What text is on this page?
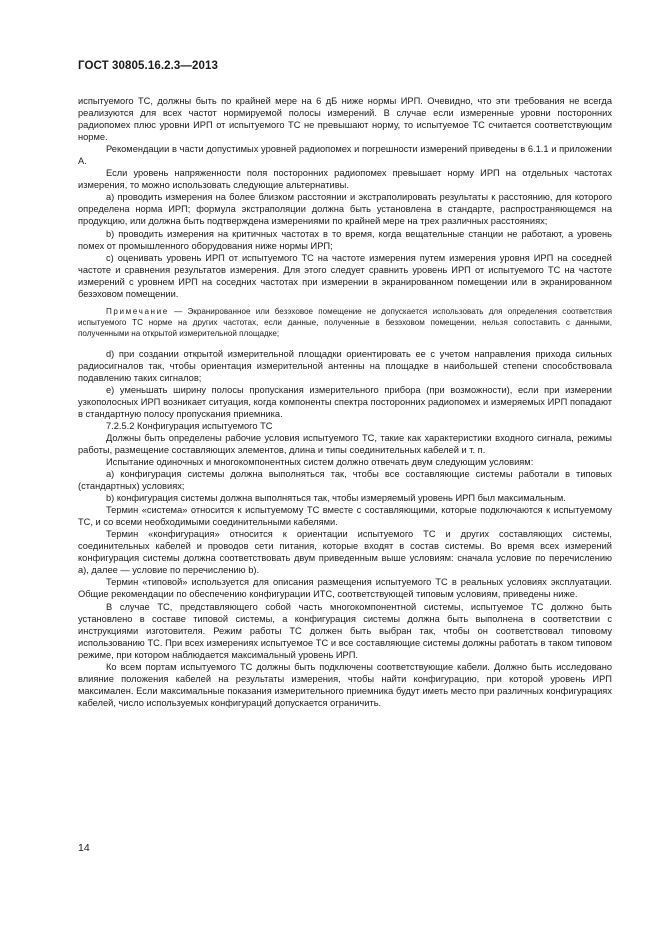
ГОСТ 30805.16.2.3—2013

испытуемого ТС, должны быть по крайней мере на 6 дБ ниже нормы ИРП. Очевидно, что эти требования не всегда реализуются для всех частот нормируемой полосы измерений. В случае если измеренные уровни посторонних радиопомех плюс уровни ИРП от испытуемого ТС не превышают норму, то испытуемое ТС считается соответствующим норме.

Рекомендации в части допустимых уровней радиопомех и погрешности измерений приведены в 6.1.1 и приложении А.

Если уровень напряженности поля посторонних радиопомех превышает норму ИРП на отдельных частотах измерения, то можно использовать следующие альтернативы.

a) проводить измерения на более близком расстоянии и экстраполировать результаты к расстоянию, для которого определена норма ИРП; формула экстраполяции должна быть установлена в стандарте, распространяющемся на продукцию, или должна быть подтверждена измерениями по крайней мере на трех различных расстояниях;

b) проводить измерения на критичных частотах в то время, когда вещательные станции не работают, а уровень помех от промышленного оборудования ниже нормы ИРП;

c) оценивать уровень ИРП от испытуемого ТС на частоте измерения путем измерения уровня ИРП на соседней частоте и сравнения результатов измерения. Для этого следует сравнить уровень ИРП от испытуемого ТС на частоте измерений с уровнем ИРП на соседних частотах при измерении в экранированном помещении или в экранированном безэховом помещении.

Примечание — Экранированное или безэховое помещение не допускается использовать для определения соответствия испытуемого ТС норме на других частотах, если данные, полученные в безэховом помещении, нельзя сопоставить с данными, полученными на открытой измерительной площадке;

d) при создании открытой измерительной площадки ориентировать ее с учетом направления прихода сильных радиосигналов так, чтобы ориентация измерительной антенны на площадке в наибольшей степени способствовала подавлению таких сигналов;

e) уменьшать ширину полосы пропускания измерительного прибора (при возможности), если при измерении узкополосных ИРП возникает ситуация, когда компоненты спектра посторонних радиопомех и измеряемых ИРП попадают в стандартную полосу пропускания приемника.

7.2.5.2 Конфигурация испытуемого ТС

Должны быть определены рабочие условия испытуемого ТС, такие как характеристики входного сигнала, режимы работы, размещение составляющих элементов, длина и типы соединительных кабелей и т. п.

Испытание одиночных и многокомпонентных систем должно отвечать двум следующим условиям:

a) конфигурация системы должна выполняться так, чтобы все составляющие системы работали в типовых (стандартных) условиях;

b) конфигурация системы должна выполняться так, чтобы измеряемый уровень ИРП был максимальным.

Термин «система» относится к испытуемому ТС вместе с составляющими, которые подключаются к испытуемому ТС, и со всеми необходимыми соединительными кабелями.

Термин «конфигурация» относится к ориентации испытуемого ТС и других составляющих системы, соединительных кабелей и проводов сети питания, которые входят в состав системы. Во время всех измерений конфигурация системы должна соответствовать двум приведенным выше условиям: сначала условие по перечислению а), далее — условие по перечислению b).

Термин «типовой» используется для описания размещения испытуемого ТС в реальных условиях эксплуатации. Общие рекомендации по обеспечению конфигурации ИТС, соответствующей типовым условиям, приведены ниже.

В случае ТС, представляющего собой часть многокомпонентной системы, испытуемое ТС должно быть установлено в составе типовой системы, а конфигурация системы должна быть выполнена в соответствии с инструкциями изготовителя. Режим работы ТС должен быть выбран так, чтобы он соответствовал типовому использованию ТС. При всех измерениях испытуемое ТС и все составляющие системы должны работать в таком типовом режиме, при котором наблюдается максимальный уровень ИРП.

Ко всем портам испытуемого ТС должны быть подключены соответствующие кабели. Должно быть исследовано влияние положения кабелей на результаты измерения, чтобы найти конфигурацию, при которой уровень ИРП максимален. Если максимальные показания измерительного приемника будут иметь место при различных конфигурациях кабелей, число используемых конфигураций допускается ограничить.

14
